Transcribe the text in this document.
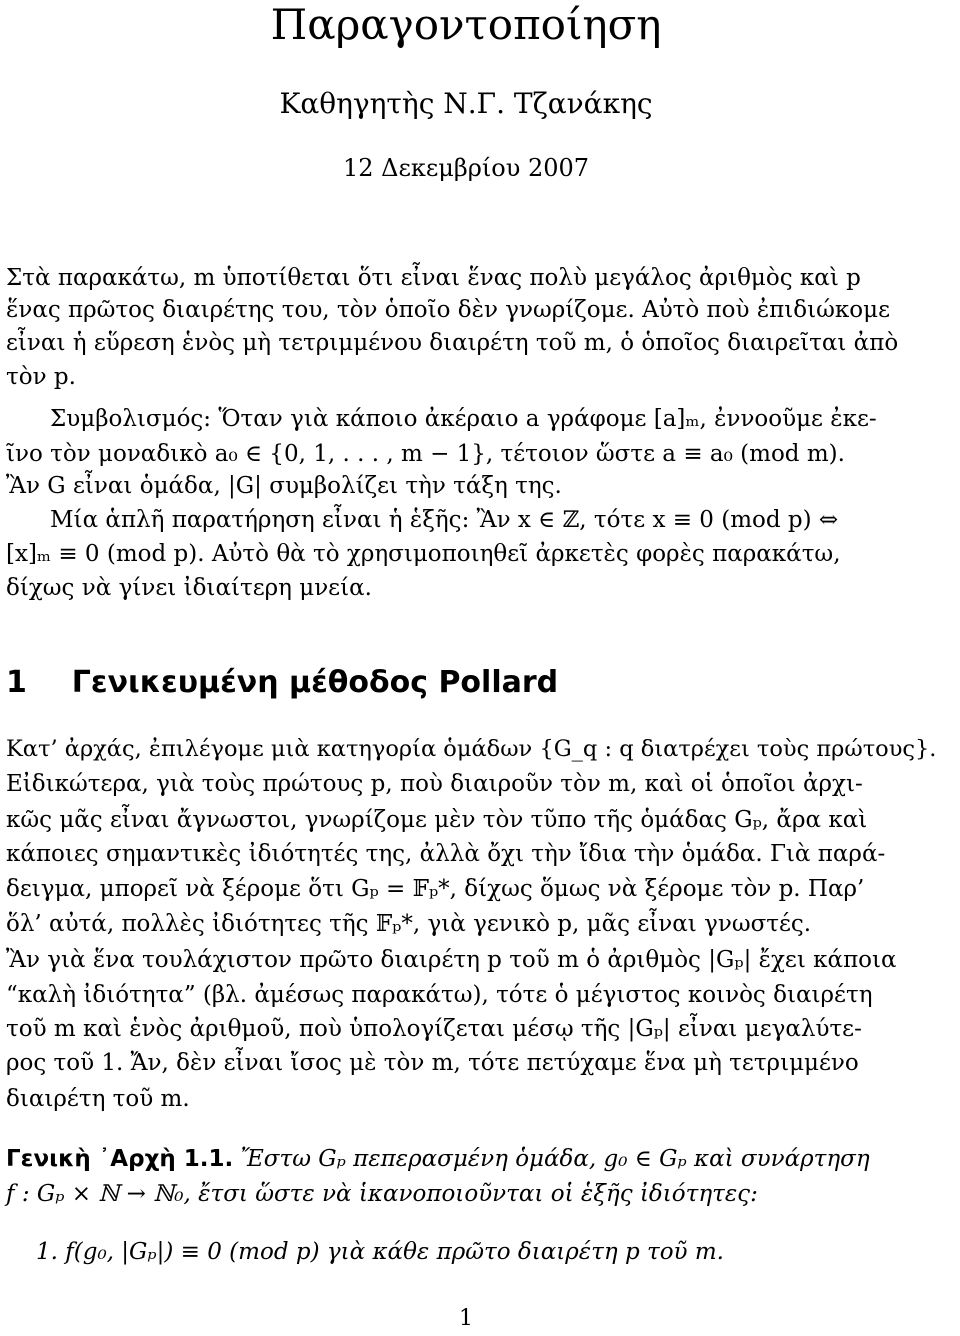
Παραγοντοποίηση
Καθηγητὴς Ν.Γ. Τζανάκης
12 Δεκεμβρίου 2007
Στὰ παρακάτω, m ὑποτίθεται ὅτι εἶναι ἕνας πολὺ μεγάλος ἀριθμὸς καὶ p
ἕνας πρῶτος διαιρέτης του, τὸν ὁποῖο δὲν γνωρίζομε. Αὐτὸ ποὺ ἐπιδιώκομε
εἶναι ἡ εὕρεση ἑνὸς μὴ τετριμμένου διαιρέτη τοῦ m, ὁ ὁποῖος διαιρεῖται ἀπὸ
τὸν p.
Συμβολισμός: Ὅταν γιὰ κάποιο ἀκέραιο a γράφομε [a]ₘ, ἐννοοῦμε ἐκε-
ῖνο τὸν μοναδικὸ a₀ ∈ {0, 1, . . . , m − 1}, τέτοιον ὥστε a ≡ a₀ (mod m).
Ἂν G εἶναι ὁμάδα, |G| συμβολίζει τὴν τάξη της.
Μία ἁπλῆ παρατήρηση εἶναι ἡ ἑξῆς: Ἂν x ∈ ℤ, τότε x ≡ 0 (mod p) ⇔
[x]ₘ ≡ 0 (mod p). Αὐτὸ θὰ τὸ χρησιμοποιηθεῖ ἀρκετὲς φορὲς παρακάτω,
δίχως νὰ γίνει ἰδιαίτερη μνεία.
1 Γενικευμένη μέθοδος Pollard
Κατ’ ἀρχάς, ἐπιλέγομε μιὰ κατηγορία ὁμάδων {G_q : q διατρέχει τοὺς πρώτους}.
Εἰδικώτερα, γιὰ τοὺς πρώτους p, ποὺ διαιροῦν τὸν m, καὶ οἱ ὁποῖοι ἀρχι-
κῶς μᾶς εἶναι ἄγνωστοι, γνωρίζομε μὲν τὸν τῦπο τῆς ὁμάδας Gₚ, ἄρα καὶ
κάποιες σημαντικὲς ἰδιότητές της, ἀλλὰ ὄχι τὴν ἴδια τὴν ὁμάδα. Γιὰ παρά-
δειγμα, μπορεῖ νὰ ξέρομε ὅτι Gₚ = 𝔽ₚ*, δίχως ὅμως νὰ ξέρομε τὸν p. Παρ’
ὅλ’ αὐτά, πολλὲς ἰδιότητες τῆς 𝔽ₚ*, γιὰ γενικὸ p, μᾶς εἶναι γνωστές.
Ἂν γιὰ ἕνα τουλάχιστον πρῶτο διαιρέτη p τοῦ m ὁ ἀριθμὸς |Gₚ| ἔχει κάποια
“καλὴ ἰδιότητα” (βλ. ἀμέσως παρακάτω), τότε ὁ μέγιστος κοινὸς διαιρέτη
τοῦ m καὶ ἑνὸς ἀριθμοῦ, ποὺ ὑπολογίζεται μέσῳ τῆς |Gₚ| εἶναι μεγαλύτε-
ρος τοῦ 1. Ἄν, δὲν εἶναι ἴσος μὲ τὸν m, τότε πετύχαμε ἕνα μὴ τετριμμένο
διαιρέτη τοῦ m.
Γενικὴ ᾿Αρχὴ 1.1. Ἔστω Gₚ πεπερασμένη ὁμάδα, g₀ ∈ Gₚ καὶ συνάρτηση
f : Gₚ × ℕ → ℕ₀, ἔτσι ὥστε νὰ ἱκανοποιοῦνται οἱ ἑξῆς ἰδιότητες:
1. f(g₀, |Gₚ|) ≡ 0 (mod p) γιὰ κάθε πρῶτο διαιρέτη p τοῦ m.
1
